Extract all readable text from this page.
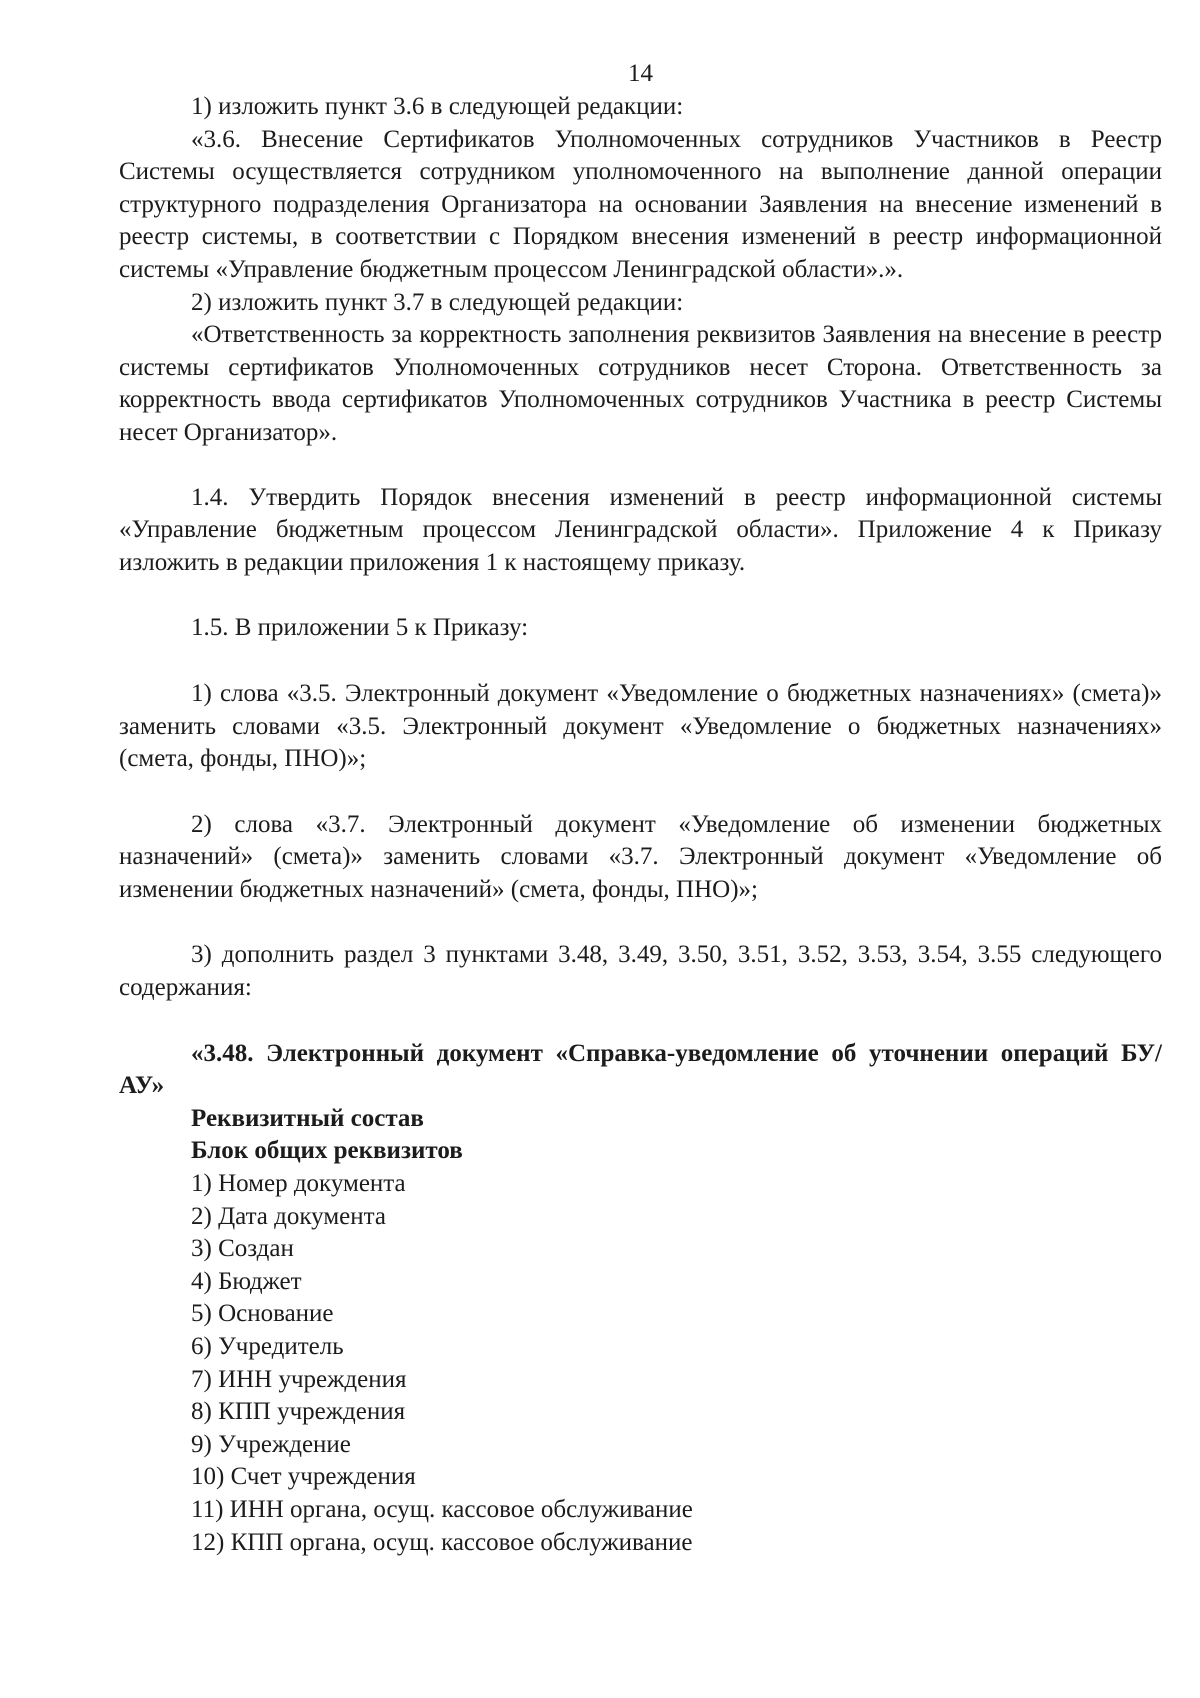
14

1) изложить пункт 3.6 в следующей редакции:

«3.6. Внесение Сертификатов Уполномоченных сотрудников Участников в Реестр Системы осуществляется сотрудником уполномоченного на выполнение данной операции структурного подразделения Организатора на основании Заявления на внесение изменений в реестр системы, в соответствии с Порядком внесения изменений в реестр информационной системы «Управление бюджетным процессом Ленинградской области».».

2) изложить пункт 3.7 в следующей редакции:

«Ответственность за корректность заполнения реквизитов Заявления на внесение в реестр системы сертификатов Уполномоченных сотрудников несет Сторона. Ответственность за корректность ввода сертификатов Уполномоченных сотрудников Участника в реестр Системы несет Организатор».

1.4. Утвердить Порядок внесения изменений в реестр информационной системы «Управление бюджетным процессом Ленинградской области». Приложение 4 к Приказу изложить в редакции приложения 1 к настоящему приказу.

1.5. В приложении 5 к Приказу:

1) слова «3.5. Электронный документ «Уведомление о бюджетных назначениях» (смета)» заменить словами «3.5. Электронный документ «Уведомление о бюджетных назначениях» (смета, фонды, ПНО)»;

2) слова «3.7. Электронный документ «Уведомление об изменении бюджетных назначений» (смета)» заменить словами «3.7. Электронный документ «Уведомление об изменении бюджетных назначений» (смета, фонды, ПНО)»;

3) дополнить раздел 3 пунктами 3.48, 3.49, 3.50, 3.51, 3.52, 3.53, 3.54, 3.55 следующего содержания:

«3.48. Электронный документ «Справка-уведомление об уточнении операций БУ/АУ»

Реквизитный состав

Блок общих реквизитов

1) Номер документа

2) Дата документа

3) Создан

4) Бюджет

5) Основание

6) Учредитель

7) ИНН учреждения

8) КПП учреждения

9) Учреждение

10) Счет учреждения

11) ИНН органа, осущ. кассовое обслуживание

12) КПП органа, осущ. кассовое обслуживание
